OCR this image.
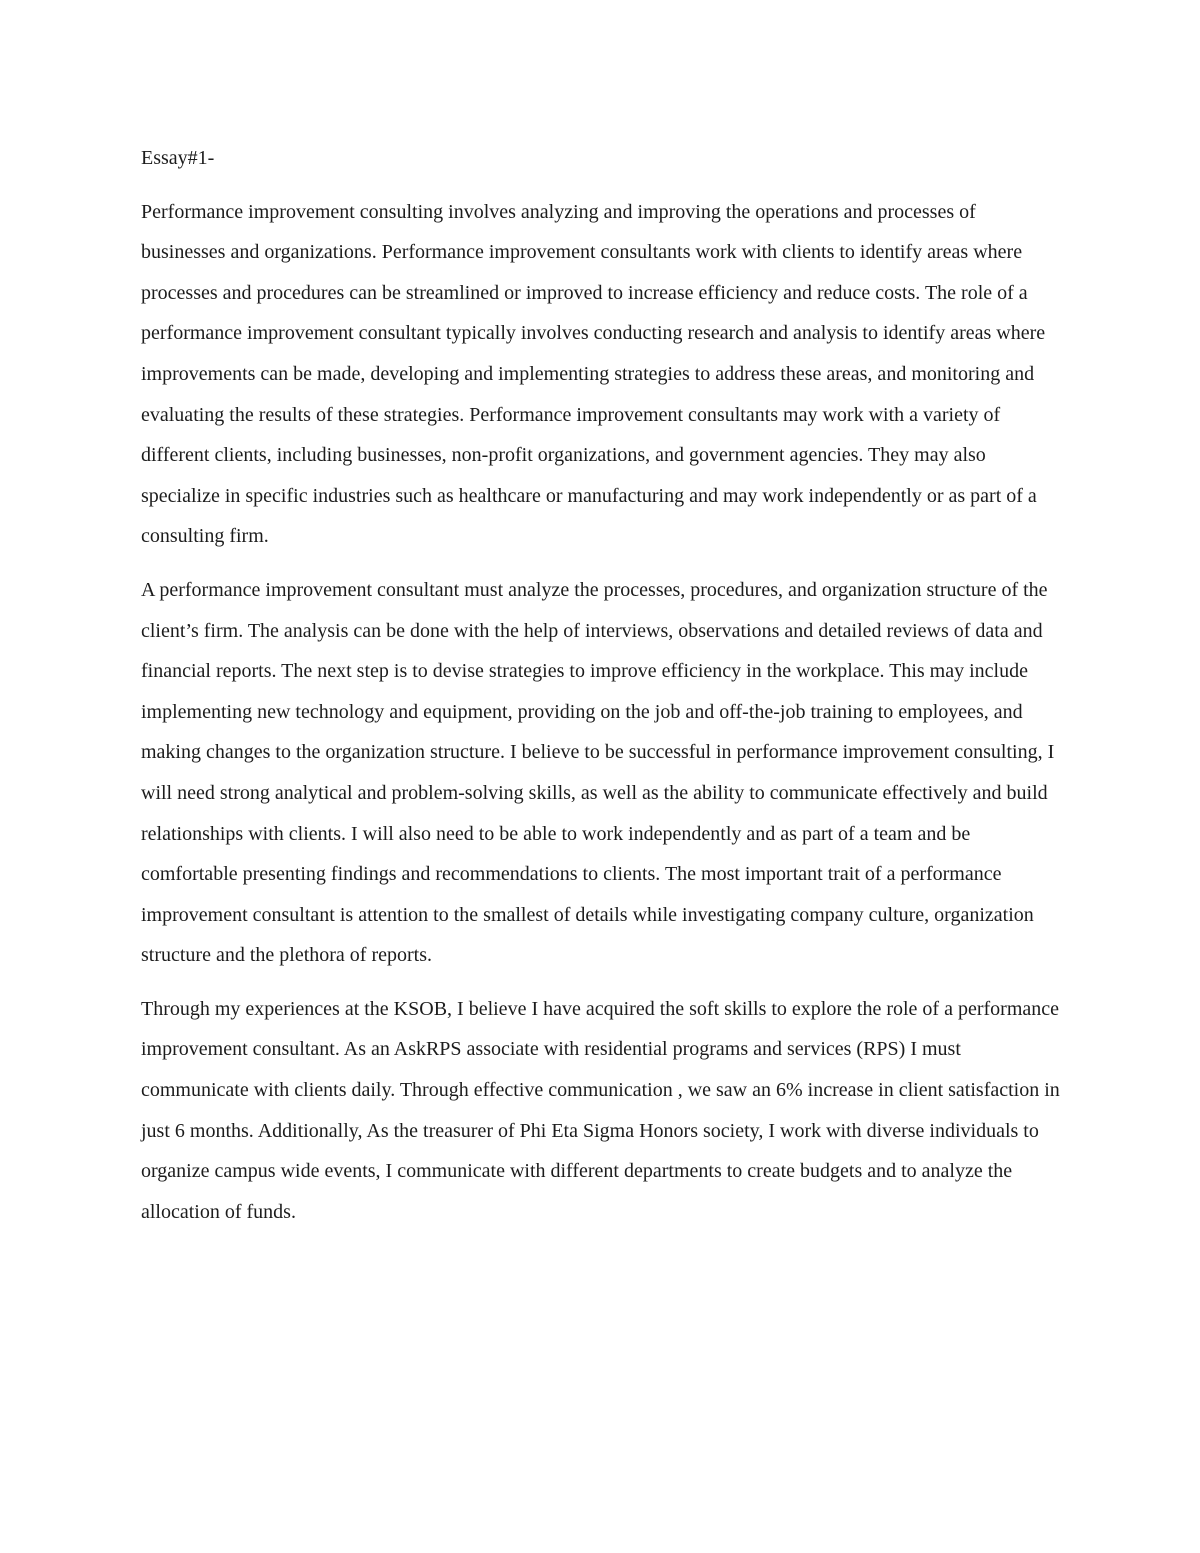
Essay#1-

Performance improvement consulting involves analyzing and improving the operations and processes of businesses and organizations. Performance improvement consultants work with clients to identify areas where processes and procedures can be streamlined or improved to increase efficiency and reduce costs. The role of a performance improvement consultant typically involves conducting research and analysis to identify areas where improvements can be made, developing and implementing strategies to address these areas, and monitoring and evaluating the results of these strategies. Performance improvement consultants may work with a variety of different clients, including businesses, non-profit organizations, and government agencies. They may also specialize in specific industries such as healthcare or manufacturing and may work independently or as part of a consulting firm.

A performance improvement consultant must analyze the processes, procedures, and organization structure of the client’s firm. The analysis can be done with the help of interviews, observations and detailed reviews of data and financial reports. The next step is to devise strategies to improve efficiency in the workplace. This may include implementing new technology and equipment, providing on the job and off-the-job training to employees, and making changes to the organization structure. I believe to be successful in performance improvement consulting, I will need strong analytical and problem-solving skills, as well as the ability to communicate effectively and build relationships with clients. I will also need to be able to work independently and as part of a team and be comfortable presenting findings and recommendations to clients. The most important trait of a performance improvement consultant is attention to the smallest of details while investigating company culture, organization structure and the plethora of reports.

Through my experiences at the KSOB, I believe I have acquired the soft skills to explore the role of a performance improvement consultant. As an AskRPS associate with residential programs and services (RPS) I must communicate with clients daily. Through effective communication , we saw an 6% increase in client satisfaction in just 6 months. Additionally, As the treasurer of Phi Eta Sigma Honors society, I work with diverse individuals to organize campus wide events, I communicate with different departments to create budgets and to analyze the allocation of funds.
